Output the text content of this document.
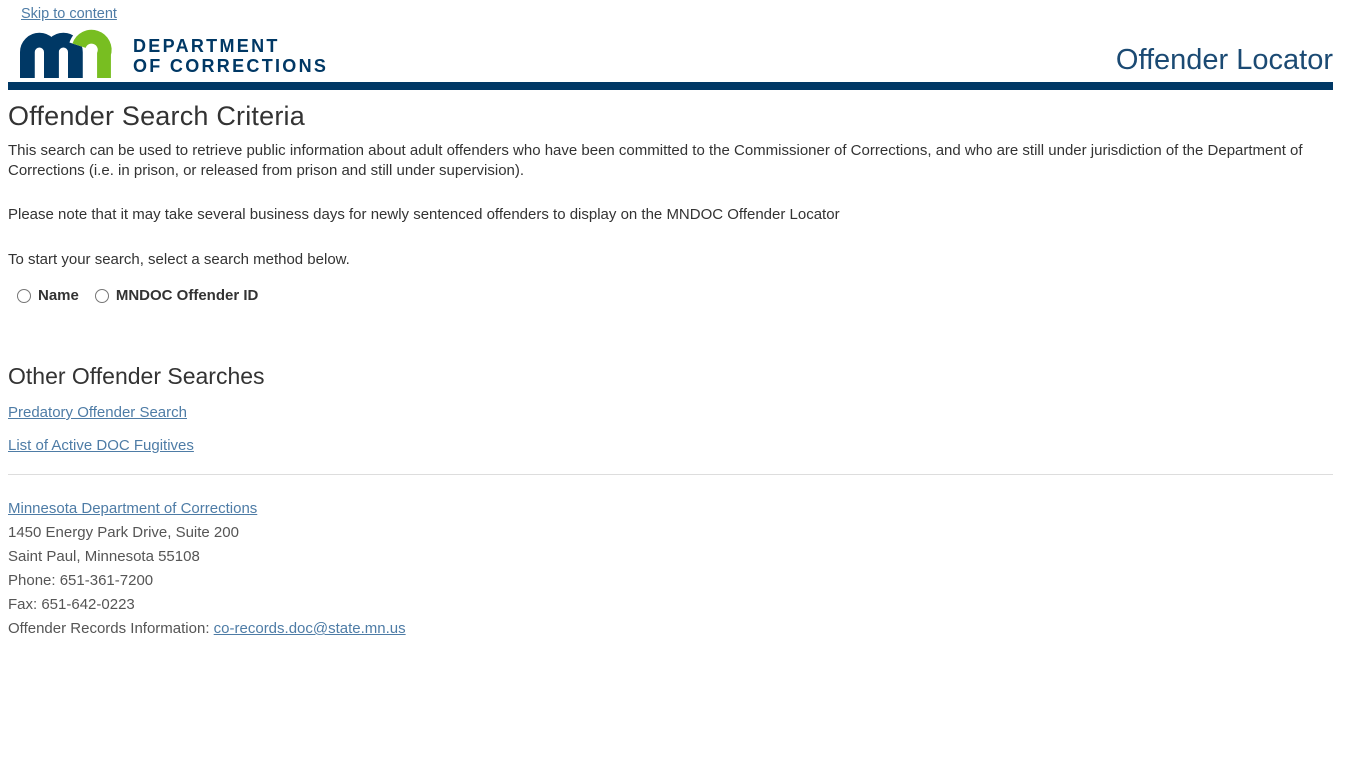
Skip to content
DEPARTMENT
OF CORRECTIONS	Offender Locator
Offender Search Criteria

This search can be used to retrieve public information about adult offenders who have been committed to the Commissioner of Corrections, and who are still under jurisdiction of the Department of Corrections (i.e. in prison, or released from prison and still under supervision).

Please note that it may take several business days for newly sentenced offenders to display on the MNDOC Offender Locator

To start your search, select a search method below.

Name MNDOC Offender ID
Other Offender Searches

Predatory Offender Search

List of Active DOC Fugitives

Minnesota Department of Corrections

1450 Energy Park Drive, Suite 200

Saint Paul, Minnesota 55108

Phone: 651-361-7200

Fax: 651-642-0223

Offender Records Information: co-records.doc@state.mn.us
